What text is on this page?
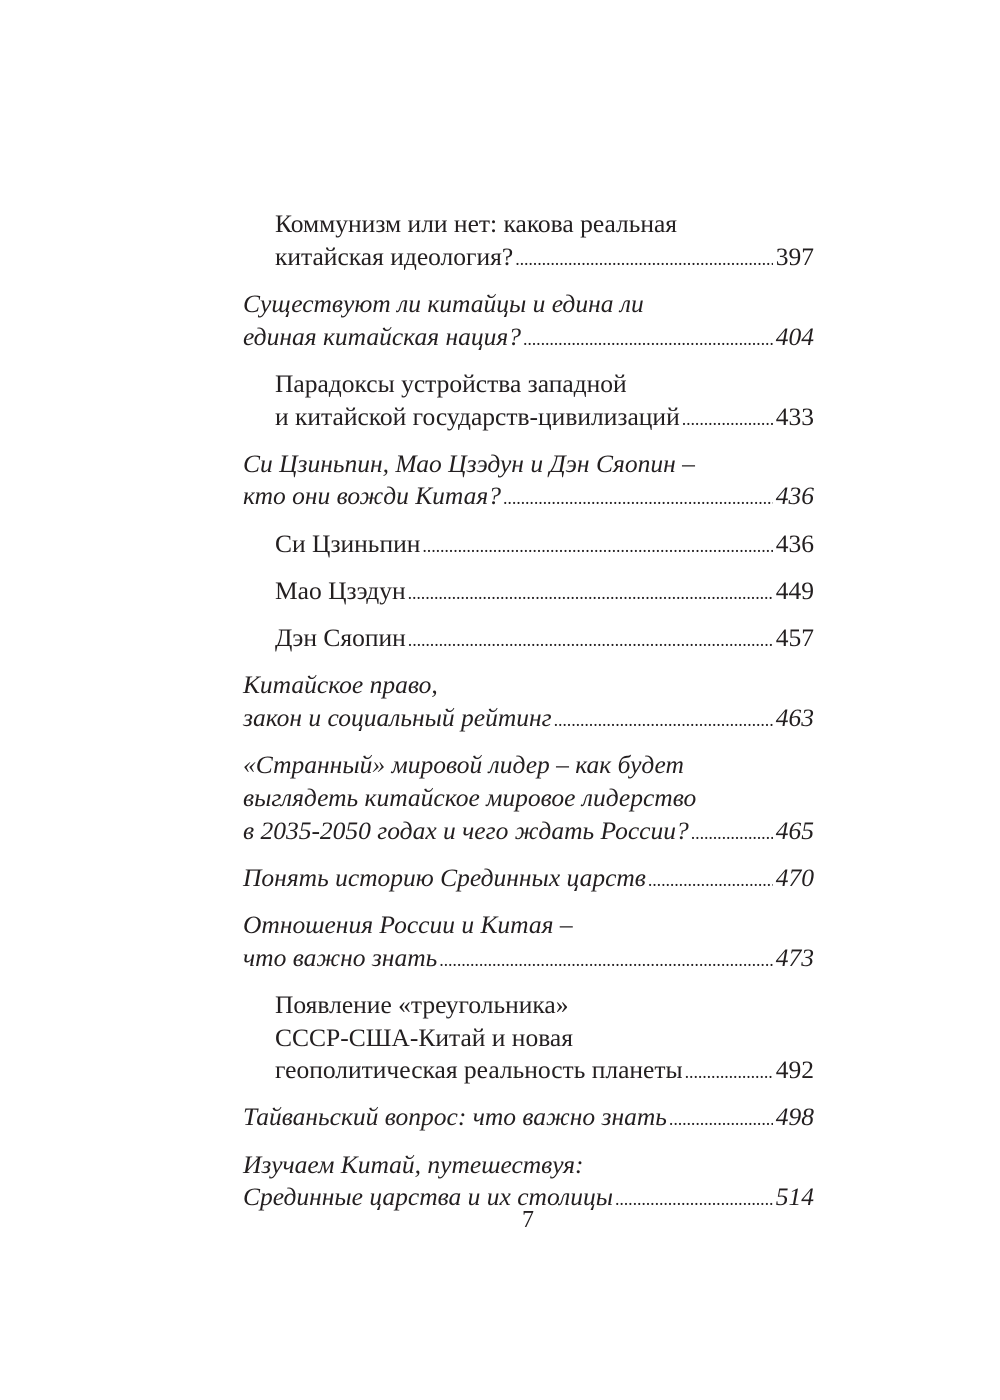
Коммунизм или нет: какова реальная
китайская идеология? . . .	397
Существуют ли китайцы и едина ли
единая китайская нация? . . .	404
Парадоксы устройства западной
и китайской государств-цивилизаций . . .	433
Си Цзиньпин, Мао Цзэдун и Дэн Сяопин –
кто они вожди Китая? . . .	436
Си Цзиньпин . . .	436
Мао Цзэдун . . .	449
Дэн Сяопин . . .	457
Китайское право,
закон и социальный рейтинг . . .	463
«Странный» мировой лидер – как будет
выглядеть китайское мировое лидерство
в 2035-2050 годах и чего ждать России? . . .	465
Понять историю Срединных царств . . .	470
Отношения России и Китая –
что важно знать . . .	473
Появление «треугольника»
СССР-США-Китай и новая
геополитическая реальность планеты . . .	492
Тайваньский вопрос: что важно знать . . .	498
Изучаем Китай, путешествуя:
Срединные царства и их столицы . . .	514
7
